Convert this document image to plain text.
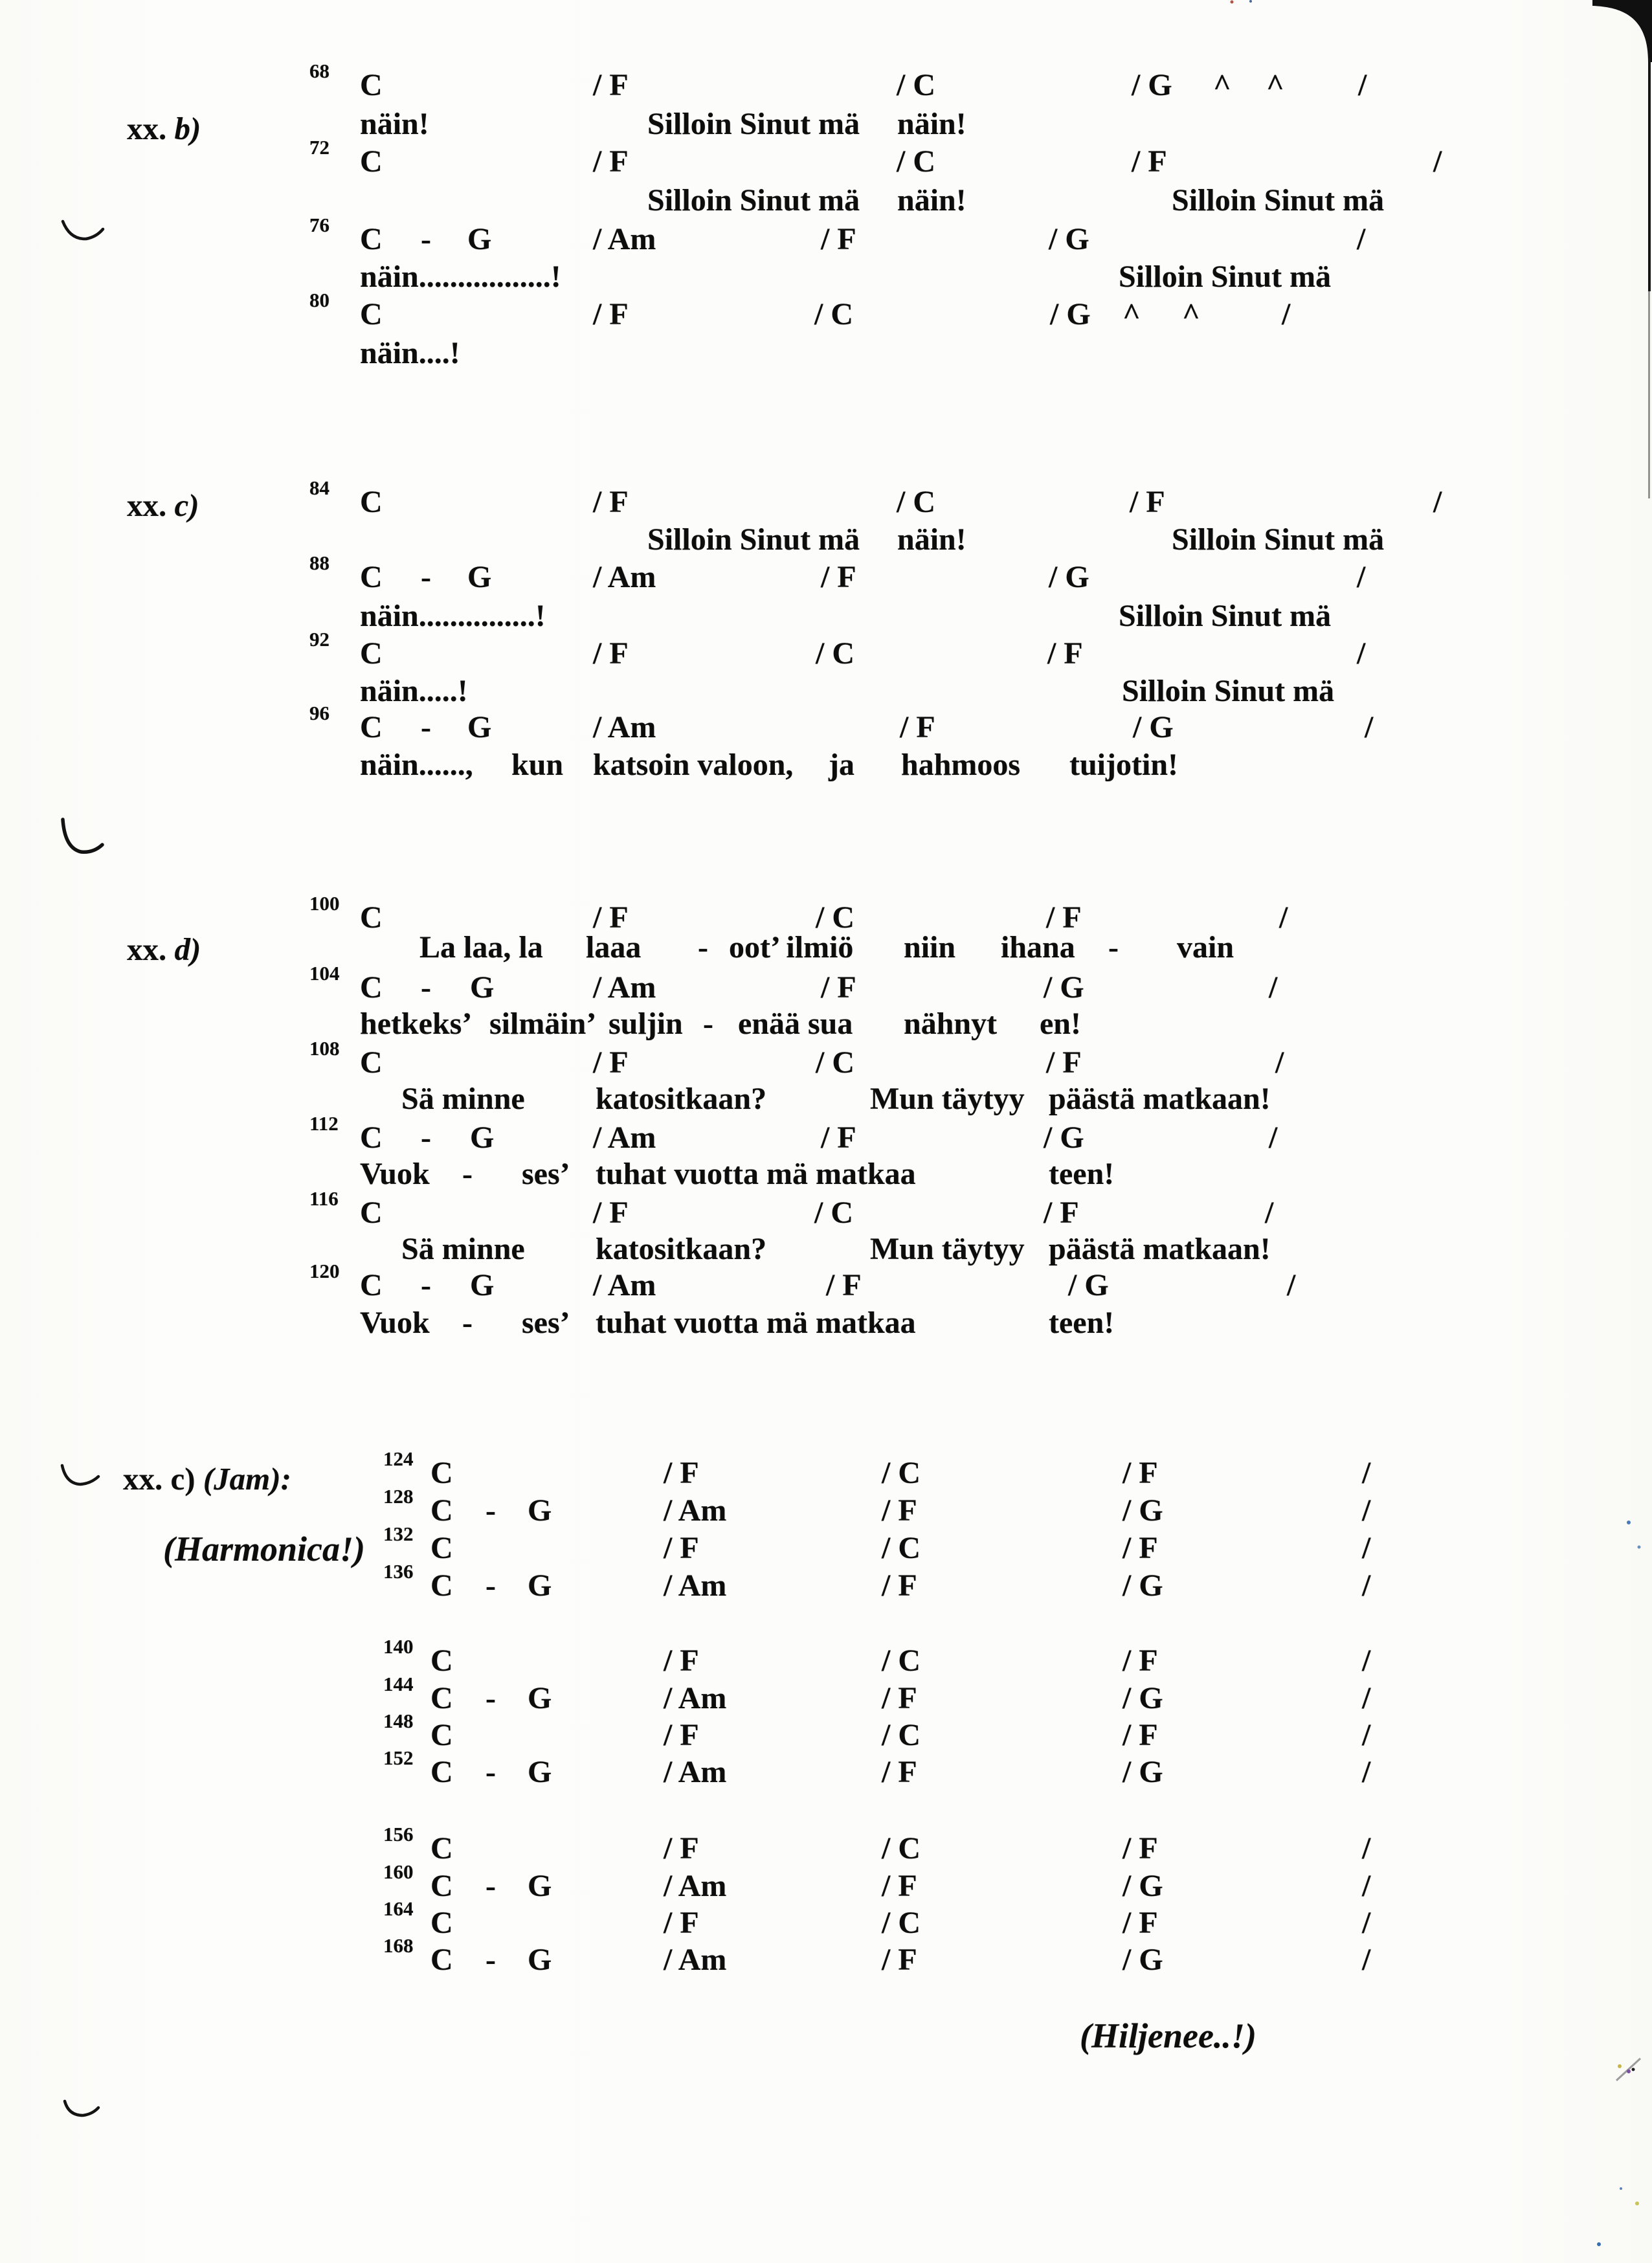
xx. b)
68 C	/ F	/ C	/ G ^ ^ /
näin!	Silloin Sinut mä näin!
72 C	/ F	/ C	/ F	/
Silloin Sinut mä näin!	Silloin Sinut mä
76 C - G	/ Am	/ F	/ G	/
näin.................!	Silloin Sinut mä
80 C	/ F	/ C	/ G ^ ^	/
näin....!
xx. c)	84 C	/ F	/ C	/ F	/
Silloin Sinut mä näin!	Silloin Sinut mä
88 C - G	/ Am	/ F	/ G	/
näin...............!	Silloin Sinut mä
92 C	/ F	/ C	/ F	/
näin.....!	Silloin Sinut mä
96 C - G	/ Am	/ F	/ G	/
näin......, kun katsoin valoon, ja hahmoos tuijotin!
xx. d)
100 C	/ F	/ C	/ F	/
La laa, la laaa - oot’ ilmiö niin ihana - vain
104 C - G	/ Am	/ F	/ G	/
hetkeks’ silmäin’ suljin - enää sua nähnyt en!
108 C	/ F	/ C	/ F	/
Sä minne katositkaan?	Mun täytyy päästä matkaan!
112 C - G	/ Am	/ F	/ G	/
Vuok - ses’ tuhat vuotta mä matkaa	teen!
116 C	/ F	/ C	/ F	/
Sä minne katositkaan?	Mun täytyy päästä matkaan!
120 C - G	/ Am	/ F	/ G	/
Vuok - ses’ tuhat vuotta mä matkaa	teen!
xx. c) (Jam):
(Harmonica!)
124 C	/ F	/ C	/ F	/
128 C - G	/ Am	/ F	/ G	/
132 C	/ F	/ C	/ F	/
136 C - G	/ Am	/ F	/ G	/
140 C	/ F	/ C	/ F	/
144 C - G	/ Am	/ F	/ G	/
148 C	/ F	/ C	/ F	/
152 C - G	/ Am	/ F	/ G	/
156 C	/ F	/ C	/ F	/
160 C - G	/ Am	/ F	/ G	/
164 C	/ F	/ C	/ F	/
168 C - G	/ Am	/ F	/ G	/
(Hiljenee..!)
